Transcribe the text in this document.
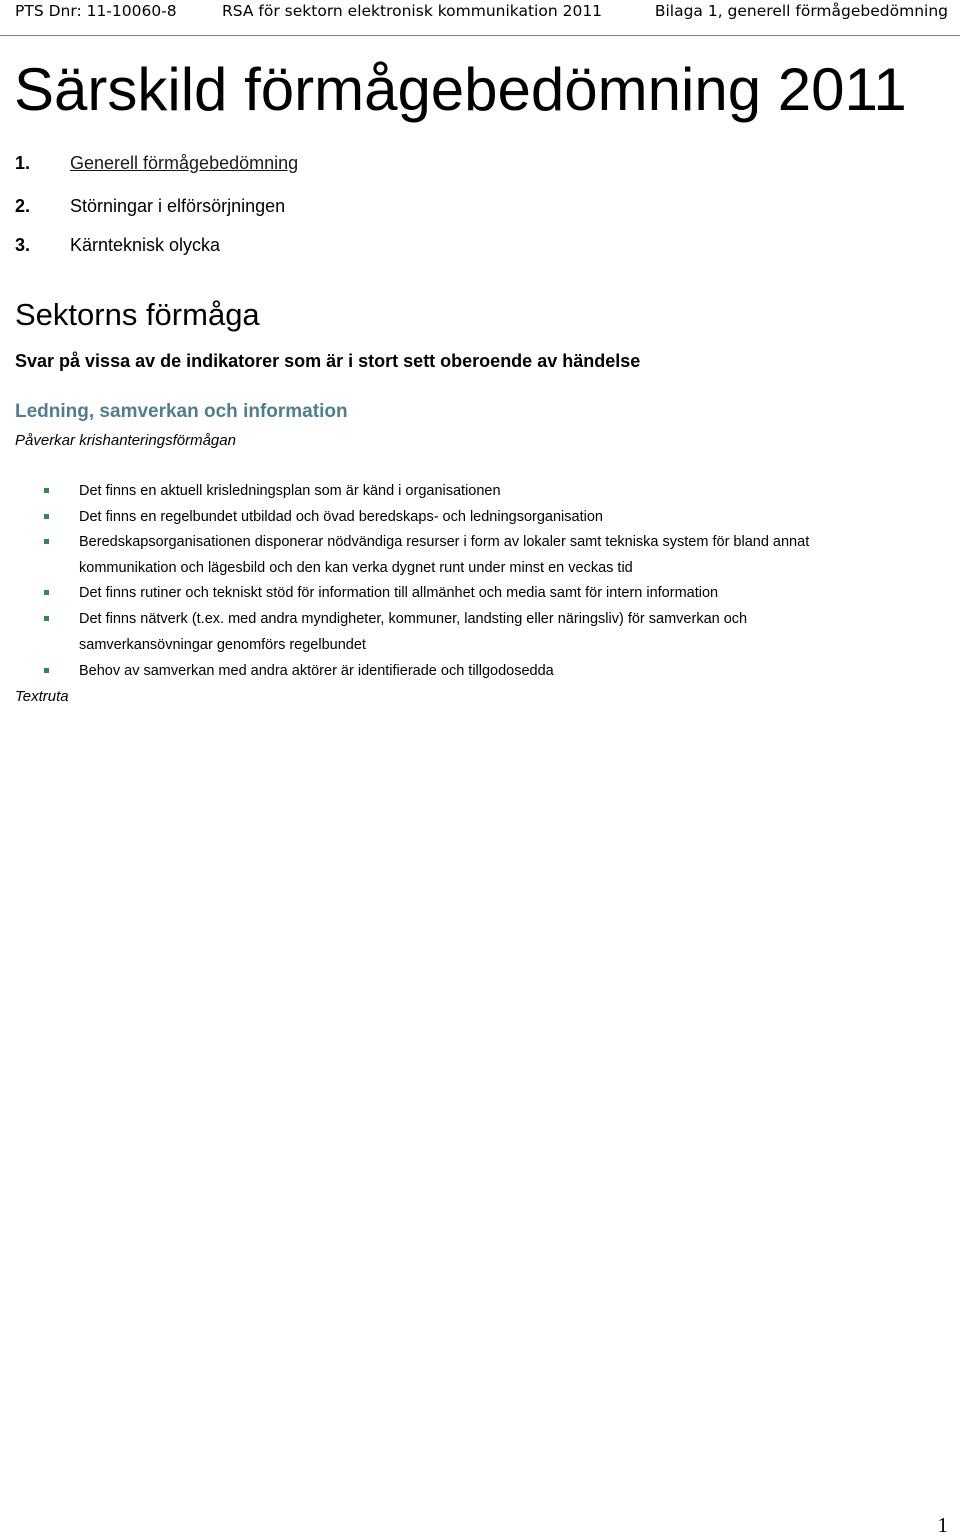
PTS Dnr: 11-10060-8	RSA för sektorn elektronisk kommunikation 2011	Bilaga 1, generell förmågebedömning
Särskild förmågebedömning 2011
1. Generell förmågebedömning
2. Störningar i elförsörjningen
3. Kärnteknisk olycka
Sektorns förmåga

Svar på vissa av de indikatorer som är i stort sett oberoende av händelse

Ledning, samverkan och information

Påverkar krishanteringsförmågan

Det finns en aktuell krisledningsplan som är känd i organisationen
Det finns en regelbundet utbildad och övad beredskaps- och ledningsorganisation
Beredskapsorganisationen disponerar nödvändiga resurser i form av lokaler samt tekniska system för bland annat
kommunikation och lägesbild och den kan verka dygnet runt under minst en veckas tid
Det finns rutiner och tekniskt stöd för information till allmänhet och media samt för intern information
Det finns nätverk (t.ex. med andra myndigheter, kommuner, landsting eller näringsliv) för samverkan och
samverkansövningar genomförs regelbundet
Behov av samverkan med andra aktörer är identifierade och tillgodosedda

Textruta

1
